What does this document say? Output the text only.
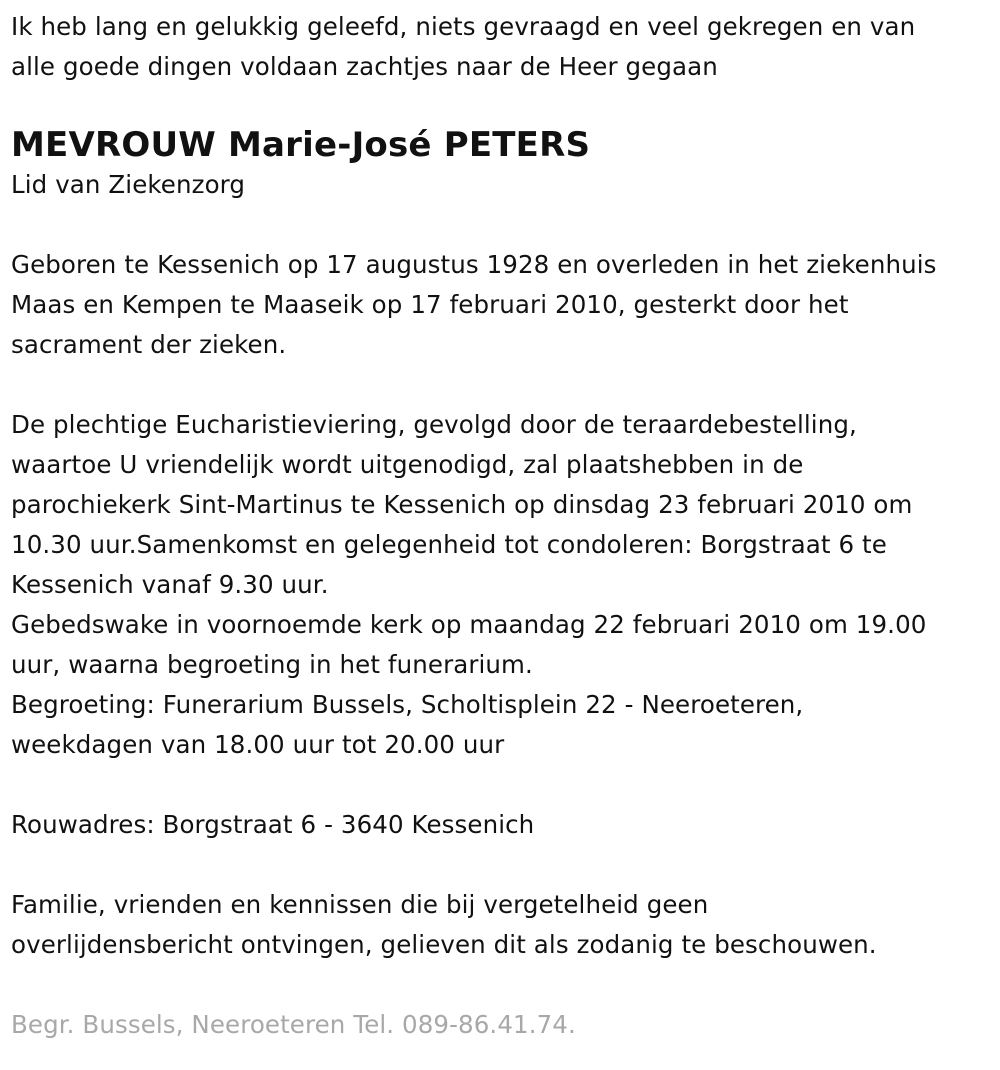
Ik heb lang en gelukkig geleefd, niets gevraagd en veel gekregen en van
alle goede dingen voldaan zachtjes naar de Heer gegaan
MEVROUW Marie-José PETERS
Lid van Ziekenzorg
Geboren te Kessenich op 17 augustus 1928 en overleden in het ziekenhuis
Maas en Kempen te Maaseik op 17 februari 2010, gesterkt door het
sacrament der zieken.
De plechtige Eucharistieviering, gevolgd door de teraardebestelling,
waartoe U vriendelijk wordt uitgenodigd, zal plaatshebben in de
parochiekerk Sint-Martinus te Kessenich op dinsdag 23 februari 2010 om
10.30 uur.Samenkomst en gelegenheid tot condoleren: Borgstraat 6 te
Kessenich vanaf 9.30 uur.
Gebedswake in voornoemde kerk op maandag 22 februari 2010 om 19.00
uur, waarna begroeting in het funerarium.
Begroeting: Funerarium Bussels, Scholtisplein 22 - Neeroeteren,
weekdagen van 18.00 uur tot 20.00 uur
Rouwadres: Borgstraat 6 - 3640 Kessenich
Familie, vrienden en kennissen die bij vergetelheid geen
overlijdensbericht ontvingen, gelieven dit als zodanig te beschouwen.
Begr. Bussels, Neeroeteren Tel. 089-86.41.74.
